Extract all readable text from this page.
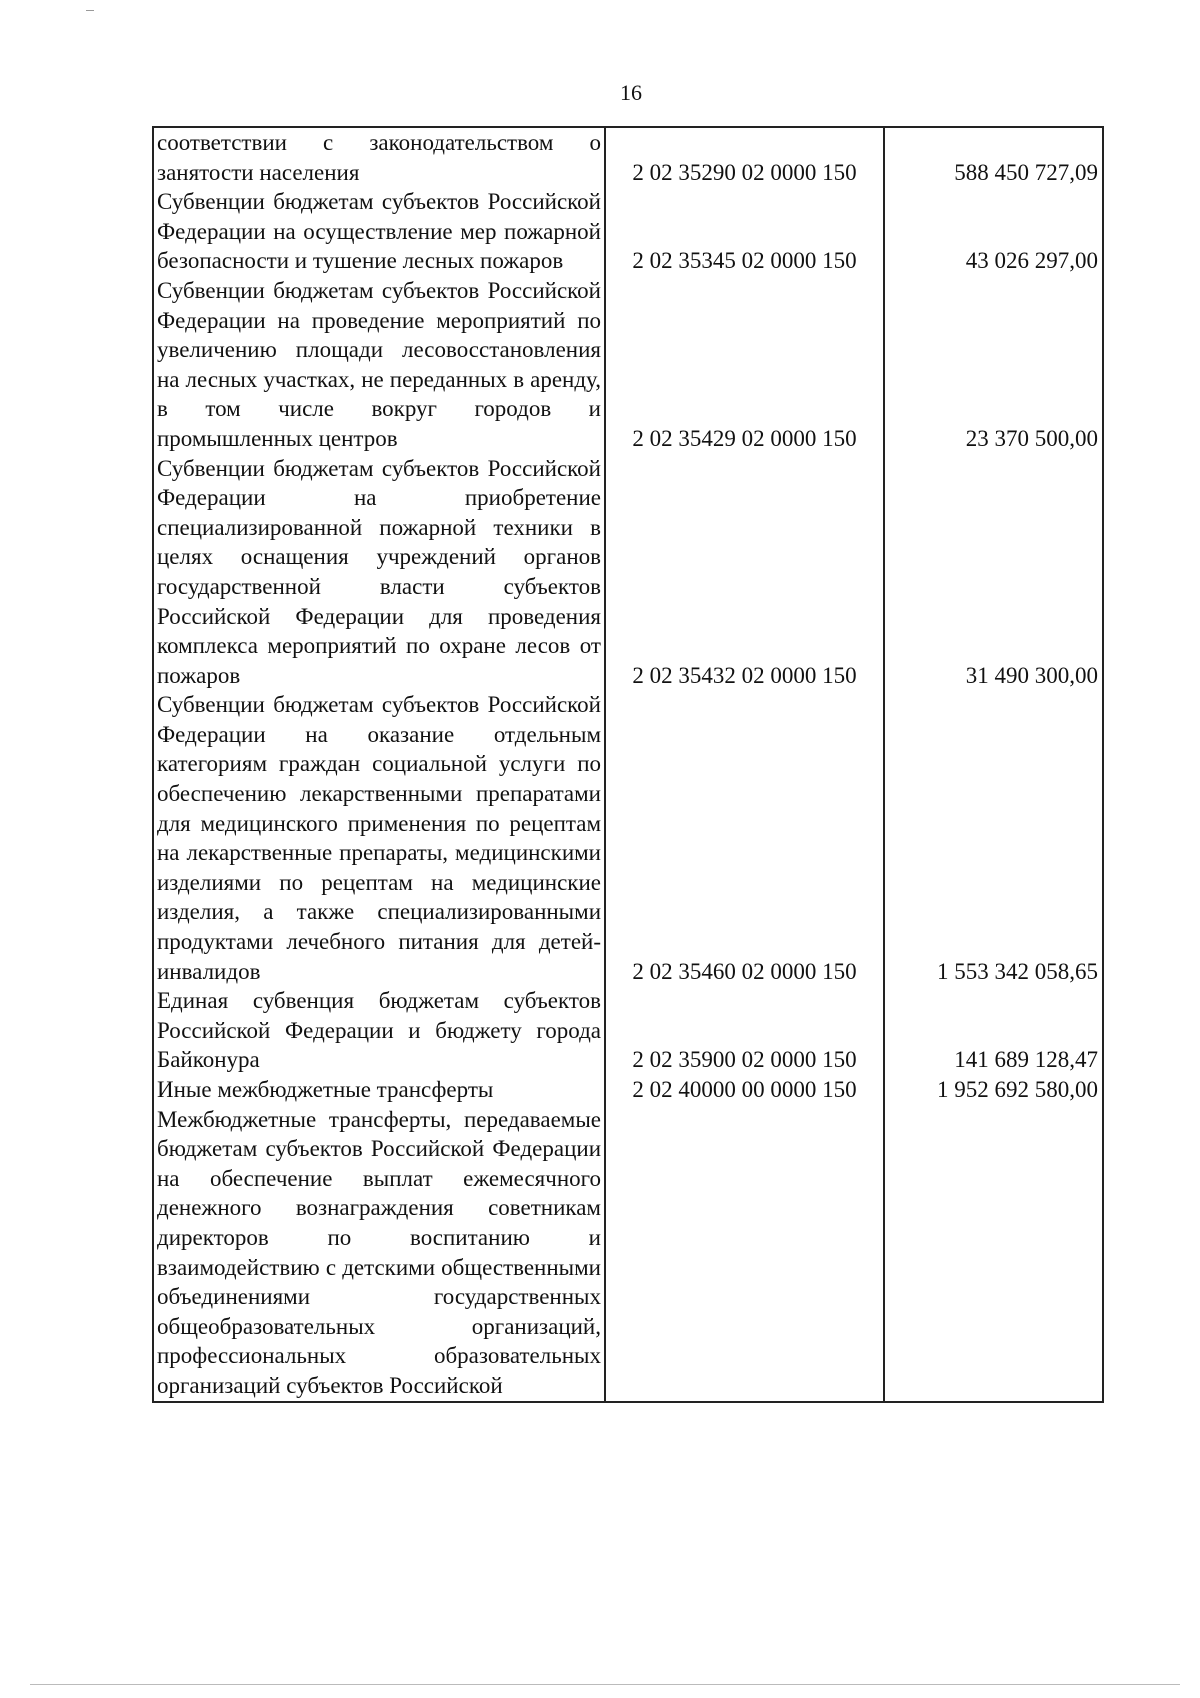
16
соответствии с законодательством о занятости населения	2 02 35290 02 0000 150	588 450 727,09
Субвенции бюджетам субъектов Российской Федерации на осуществление мер пожарной безопасности и тушение лесных пожаров	2 02 35345 02 0000 150	43 026 297,00
Субвенции бюджетам субъектов Российской Федерации на проведение мероприятий по увеличению площади лесовосстановления на лесных участках, не переданных в аренду, в том числе вокруг городов и промышленных центров	2 02 35429 02 0000 150	23 370 500,00
Субвенции бюджетам субъектов Российской Федерации на приобретение специализированной пожарной техники в целях оснащения учреждений органов государственной власти субъектов Российской Федерации для проведения комплекса мероприятий по охране лесов от пожаров	2 02 35432 02 0000 150	31 490 300,00
Субвенции бюджетам субъектов Российской Федерации на оказание отдельным категориям граждан социальной услуги по обеспечению лекарственными препаратами для медицинского применения по рецептам на лекарственные препараты, медицинскими изделиями по рецептам на медицинские изделия, а также специализированными продуктами лечебного питания для детей-инвалидов	2 02 35460 02 0000 150	1 553 342 058,65
Единая субвенция бюджетам субъектов Российской Федерации и бюджету города Байконура	2 02 35900 02 0000 150	141 689 128,47
Иные межбюджетные трансферты	2 02 40000 00 0000 150	1 952 692 580,00
Межбюджетные трансферты, передаваемые бюджетам субъектов Российской Федерации на обеспечение выплат ежемесячного денежного вознаграждения советникам директоров по воспитанию и взаимодействию с детскими общественными объединениями государственных общеобразовательных организаций, профессиональных образовательных организаций субъектов Российской		
